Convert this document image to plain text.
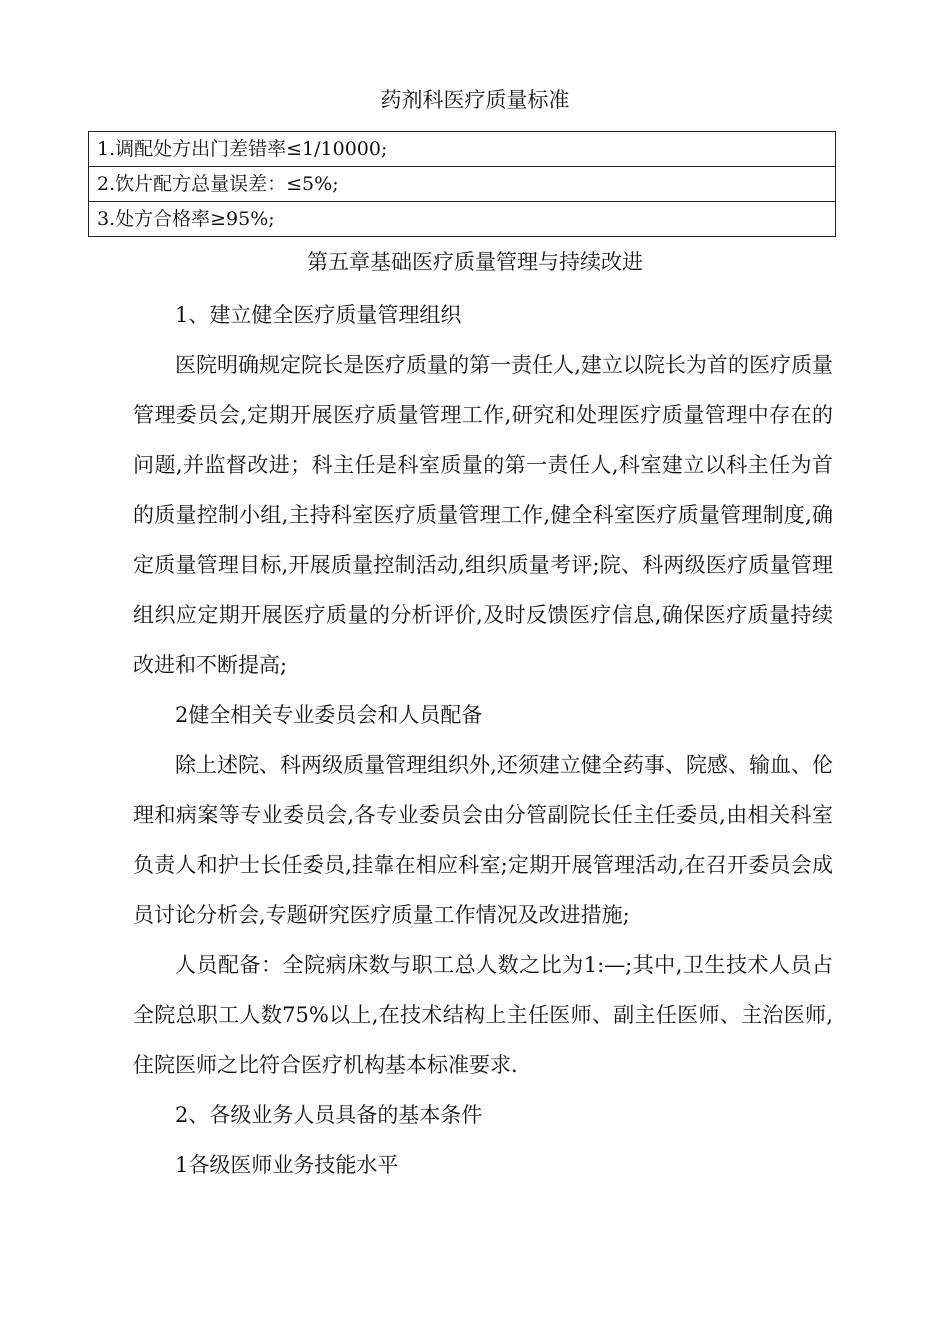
药剂科医疗质量标准
1.调配处方出门差错率≤1/10000;
2.饮片配方总量误差：≤5%;
3.处方合格率≥95%;
第五章基础医疗质量管理与持续改进

1、建立健全医疗质量管理组织

医院明确规定院长是医疗质量的第一责任人,建立以院长为首的医疗质量管理委员会,定期开展医疗质量管理工作,研究和处理医疗质量管理中存在的问题,并监督改进；科主任是科室质量的第一责任人,科室建立以科主任为首的质量控制小组,主持科室医疗质量管理工作,健全科室医疗质量管理制度,确定质量管理目标,开展质量控制活动,组织质量考评;院、科两级医疗质量管理组织应定期开展医疗质量的分析评价,及时反馈医疗信息,确保医疗质量持续改进和不断提高;

2健全相关专业委员会和人员配备

除上述院、科两级质量管理组织外,还须建立健全药事、院感、输血、伦理和病案等专业委员会,各专业委员会由分管副院长任主任委员,由相关科室负责人和护士长任委员,挂靠在相应科室;定期开展管理活动,在召开委员会成员讨论分析会,专题研究医疗质量工作情况及改进措施;

人员配备：全院病床数与职工总人数之比为1:—;其中,卫生技术人员占全院总职工人数75%以上,在技术结构上主任医师、副主任医师、主治医师,住院医师之比符合医疗机构基本标准要求.

2、各级业务人员具备的基本条件

1各级医师业务技能水平
